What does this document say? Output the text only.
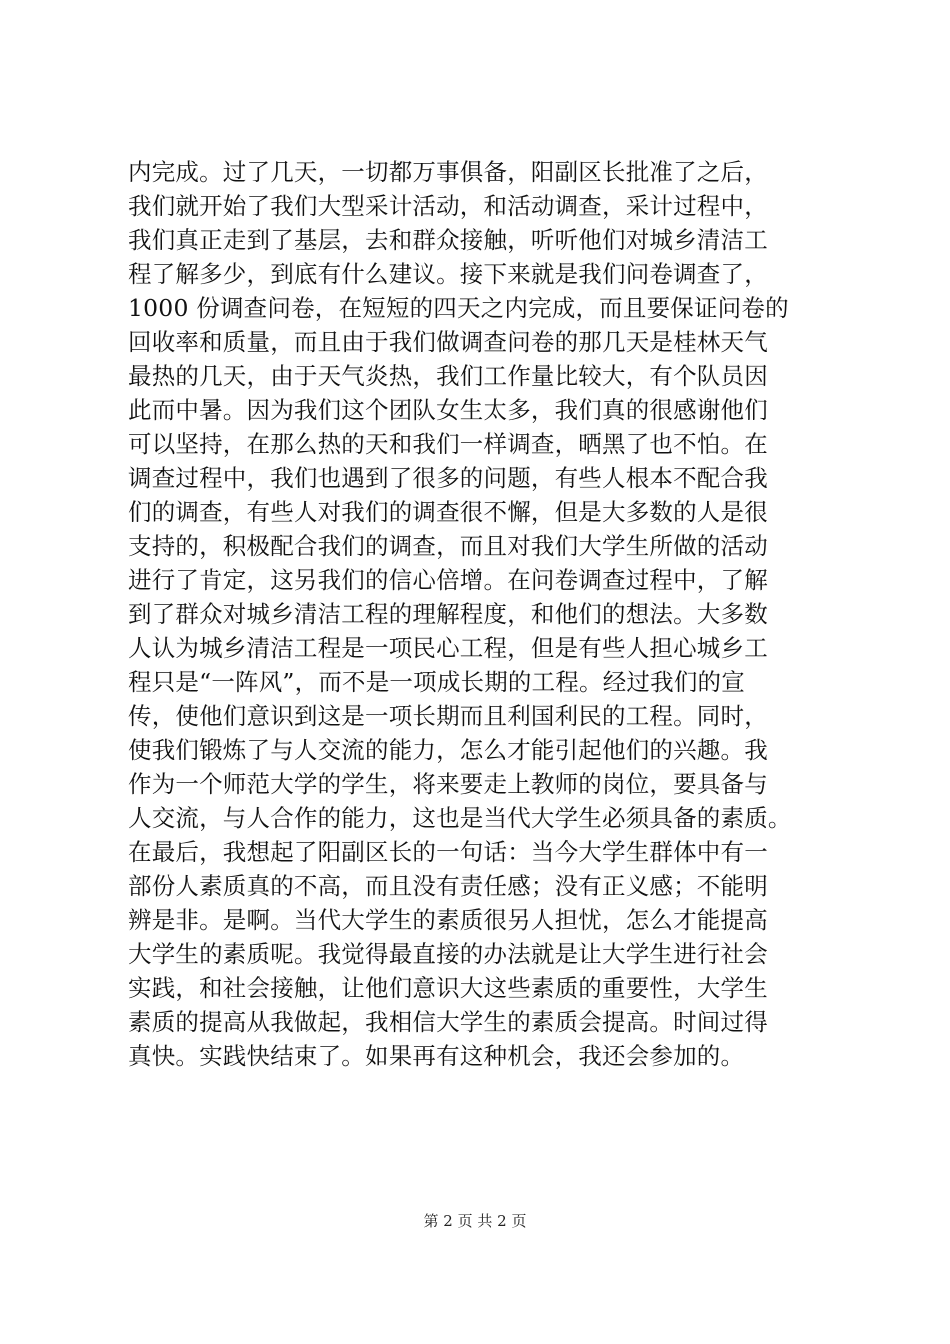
内完成。过了几天，一切都万事俱备，阳副区长批准了之后，
我们就开始了我们大型采计活动，和活动调查，采计过程中，
我们真正走到了基层，去和群众接触，听听他们对城乡清洁工
程了解多少，到底有什么建议。接下来就是我们问卷调查了，
1000 份调查问卷，在短短的四天之内完成，而且要保证问卷的
回收率和质量，而且由于我们做调查问卷的那几天是桂林天气
最热的几天，由于天气炎热，我们工作量比较大，有个队员因
此而中暑。因为我们这个团队女生太多，我们真的很感谢他们
可以坚持，在那么热的天和我们一样调查，晒黑了也不怕。在
调查过程中，我们也遇到了很多的问题，有些人根本不配合我
们的调查，有些人对我们的调查很不懈，但是大多数的人是很
支持的，积极配合我们的调查，而且对我们大学生所做的活动
进行了肯定，这另我们的信心倍增。在问卷调查过程中，了解
到了群众对城乡清洁工程的理解程度，和他们的想法。大多数
人认为城乡清洁工程是一项民心工程，但是有些人担心城乡工
程只是“一阵风”，而不是一项成长期的工程。经过我们的宣
传，使他们意识到这是一项长期而且利国利民的工程。同时，
使我们锻炼了与人交流的能力，怎么才能引起他们的兴趣。我
作为一个师范大学的学生，将来要走上教师的岗位，要具备与
人交流，与人合作的能力，这也是当代大学生必须具备的素质。
在最后，我想起了阳副区长的一句话：当今大学生群体中有一
部份人素质真的不高，而且没有责任感；没有正义感；不能明
辨是非。是啊。当代大学生的素质很另人担忧，怎么才能提高
大学生的素质呢。我觉得最直接的办法就是让大学生进行社会
实践，和社会接触，让他们意识大这些素质的重要性，大学生
素质的提高从我做起，我相信大学生的素质会提高。时间过得
真快。实践快结束了。如果再有这种机会，我还会参加的。
第 2 页 共 2 页
